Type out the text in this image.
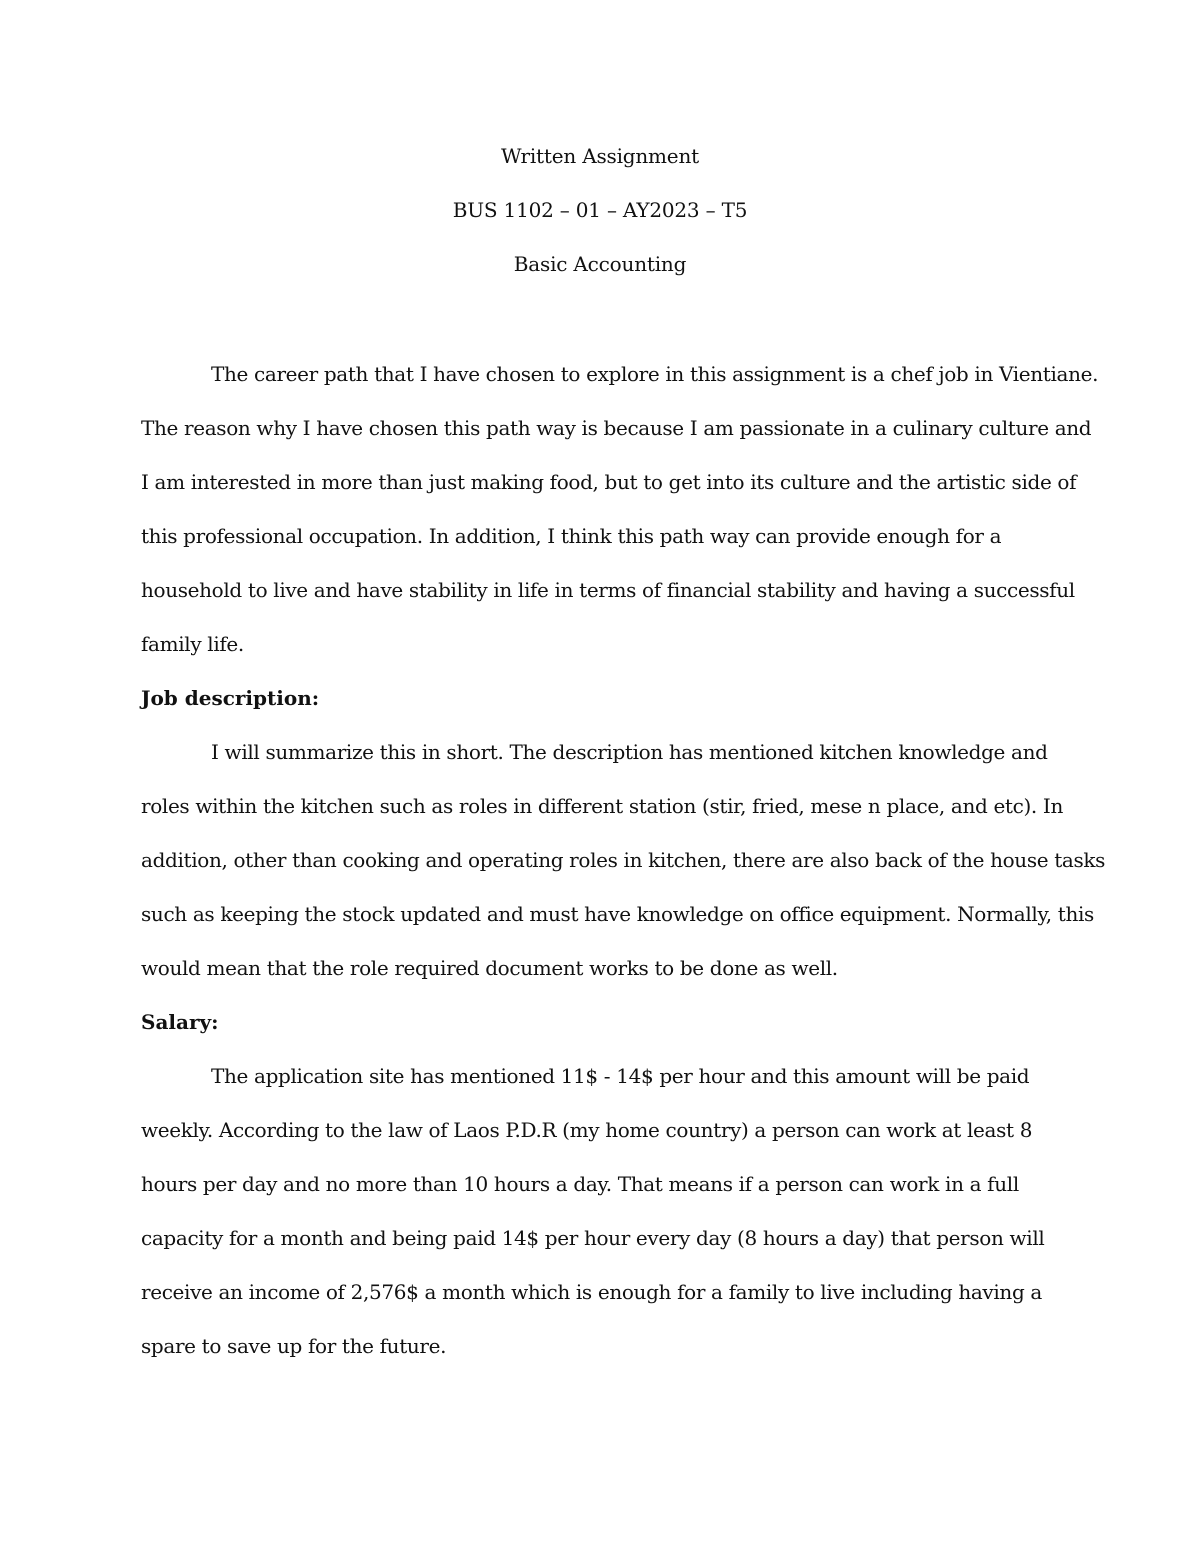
Written Assignment
BUS 1102 – 01 – AY2023 – T5
Basic Accounting
The career path that I have chosen to explore in this assignment is a chef job in Vientiane.
The reason why I have chosen this path way is because I am passionate in a culinary culture and
I am interested in more than just making food, but to get into its culture and the artistic side of
this professional occupation. In addition, I think this path way can provide enough for a
household to live and have stability in life in terms of financial stability and having a successful
family life.
Job description:
I will summarize this in short. The description has mentioned kitchen knowledge and
roles within the kitchen such as roles in different station (stir, fried, mese n place, and etc). In
addition, other than cooking and operating roles in kitchen, there are also back of the house tasks
such as keeping the stock updated and must have knowledge on office equipment. Normally, this
would mean that the role required document works to be done as well.
Salary:
The application site has mentioned 11$ - 14$ per hour and this amount will be paid
weekly. According to the law of Laos P.D.R (my home country) a person can work at least 8
hours per day and no more than 10 hours a day. That means if a person can work in a full
capacity for a month and being paid 14$ per hour every day (8 hours a day) that person will
receive an income of 2,576$ a month which is enough for a family to live including having a
spare to save up for the future.
